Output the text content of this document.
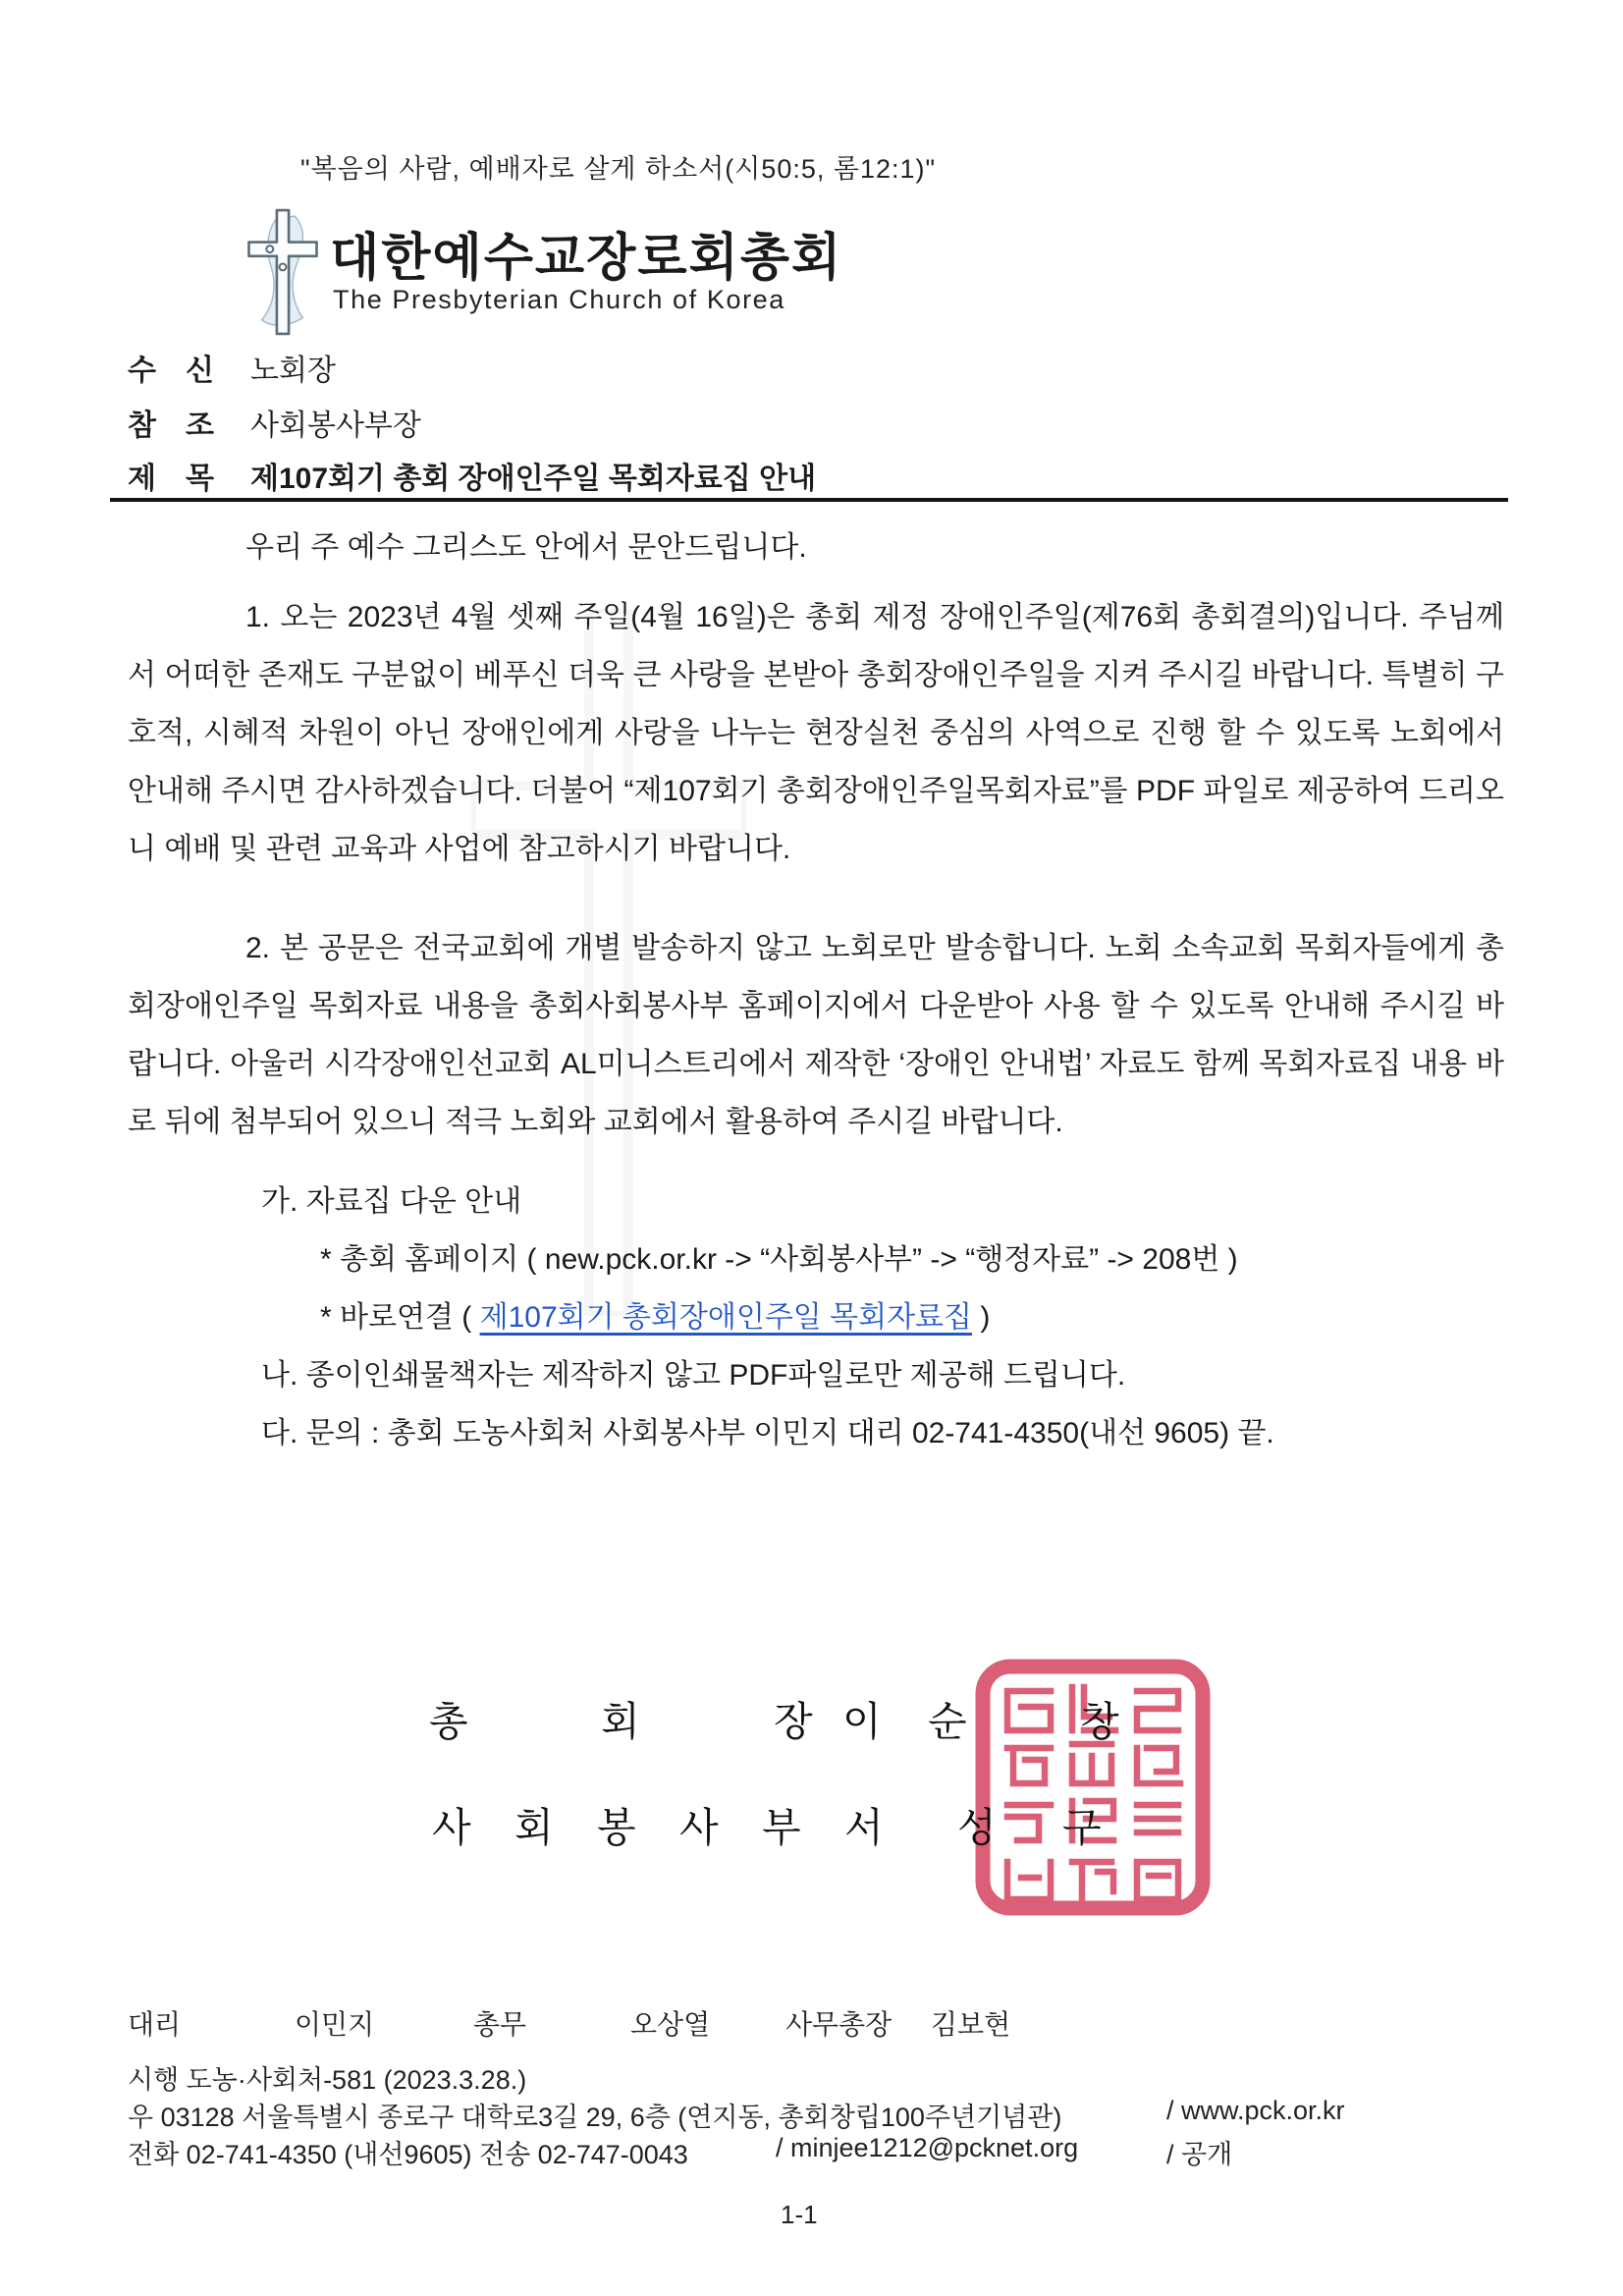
"복음의 사람, 예배자로 살게 하소서(시50:5, 롬12:1)"
대한예수교장로회총회
The Presbyterian Church of Korea
수 신 노회장
참 조 사회봉사부장
제 목 제107회기 총회 장애인주일 목회자료집 안내

우리 주 예수 그리스도 안에서 문안드립니다.

1. 오는 2023년 4월 셋째 주일(4월 16일)은 총회 제정 장애인주일(제76회 총회결의)입니다. 주님께서 어떠한 존재도 구분없이 베푸신 더욱 큰 사랑을 본받아 총회장애인주일을 지켜 주시길 바랍니다. 특별히 구호적, 시혜적 차원이 아닌 장애인에게 사랑을 나누는 현장실천 중심의 사역으로 진행 할 수 있도록 노회에서 안내해 주시면 감사하겠습니다. 더불어 “제107회기 총회장애인주일목회자료”를 PDF 파일로 제공하여 드리오니 예배 및 관련 교육과 사업에 참고하시기 바랍니다.

2. 본 공문은 전국교회에 개별 발송하지 않고 노회로만 발송합니다. 노회 소속교회 목회자들에게 총회장애인주일 목회자료 내용을 총회사회봉사부 홈페이지에서 다운받아 사용 할 수 있도록 안내해 주시길 바랍니다. 아울러 시각장애인선교회 AL미니스트리에서 제작한 ‘장애인 안내법’ 자료도 함께 목회자료집 내용 바로 뒤에 첨부되어 있으니 적극 노회와 교회에서 활용하여 주시길 바랍니다.

가. 자료집 다운 안내

* 총회 홈페이지 ( new.pck.or.kr -> “사회봉사부” -> “행정자료” -> 208번 )

* 바로연결 ( 제107회기 총회장애인주일 목회자료집 )

나. 종이인쇄물책자는 제작하지 않고 PDF파일로만 제공해 드립니다.

다. 문의 : 총회 도농사회처 사회봉사부 이민지 대리 02-741-4350(내선 9605) 끝.

총	회	장 이 순	창
사 회 봉 사 부 서 성 구
대리	이민지	총무	오상열	사무총장 김보현
시행 도농·사회처-581 (2023.3.28.)
우 03128 서울특별시 종로구 대학로3길 29, 6층 (연지동, 총회창립100주년기념관)	/ www.pck.or.kr
전화 02-741-4350 (내선9605) 전송 02-747-0043	/ minjee1212@pcknet.org	/ 공개
1-1
